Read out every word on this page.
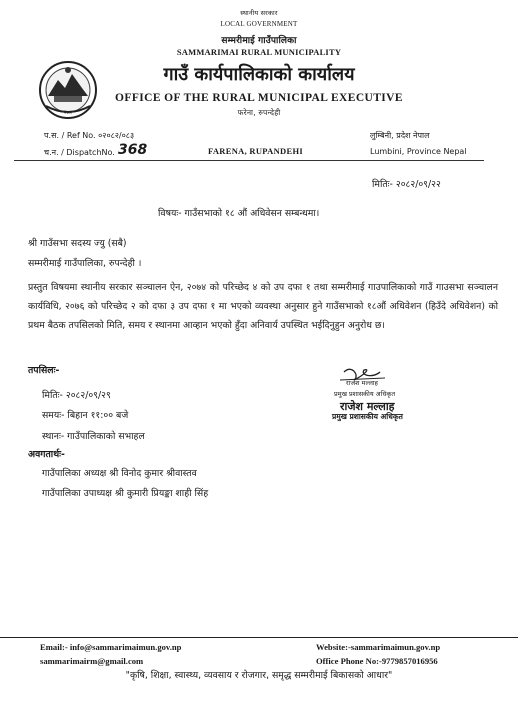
स्थानीय सरकार
LOCAL GOVERNMENT
सम्मरीमाई गाउँपालिका
SAMMARIMAI RURAL MUNICIPALITY
गाउँ कार्यपालिकाको कार्यालय
OFFICE OF THE RURAL MUNICIPAL EXECUTIVE
फरेना, रुपन्देही
नेपाल
प.स. / Ref No. ०२०८२/०८३
च.न. / DispatchNo. 368	FARENA, RUPANDEHI
लुम्बिनी, प्रदेश नेपाल
Lumbini, Province Nepal
मितिः- २०८२/०९/२२
विषयः- गाउँसभाको १८ औं अधिवेसन सम्बन्धमा।
श्री गाउँसभा सदस्य ज्यु (सबै)
सम्मरीमाई गाउँपालिका, रुपन्देही ।
प्रस्तुत विषयमा स्थानीय सरकार सञ्चालन ऐन, २०७४ को परिच्छेद ४ को उप दफा १ तथा सम्मरीमाई गाउपालिकाको गाउँ गाउसभा सञ्चालन कार्यविधि, २०७६ को परिच्छेद २ को दफा ३ उप दफा १ मा भएको व्यवस्था अनुसार हुने गाउँसभाको १८औं अधिवेशन (हिउँदे अधिवेशन) को प्रथम बैठक तपसिलको मिति, समय र स्थानमा आव्हान भएको हुँदा अनिवार्य उपस्थित भईदिनुहुन अनुरोध छ।
तपसिलः-
मितिः- २०८२/०९/२९
समयः- बिहान ११:०० बजे
स्थानः- गाउँपालिकाको सभाहल
अवगतार्थः-
गाउँपालिका अध्यक्ष श्री विनोद कुमार श्रीवास्तव
गाउँपालिका उपाध्यक्ष श्री कुमारी प्रियङ्का शाही सिंह
राजेश मल्लाह
प्रमुख प्रशासकीय अधिकृत
राजेश मल्लाह
प्रमुख प्रशासकीय अधिकृत
Email:- info@sammarimaimun.gov.np
sammarimairm@gmail.com
Website:-sammarimaimun.gov.np
Office Phone No:-9779857016956
"कृषि, शिक्षा, स्वास्थ्य, व्यवसाय र रोजगार, समृद्ध सम्मरीमाई बिकासको आधार"
